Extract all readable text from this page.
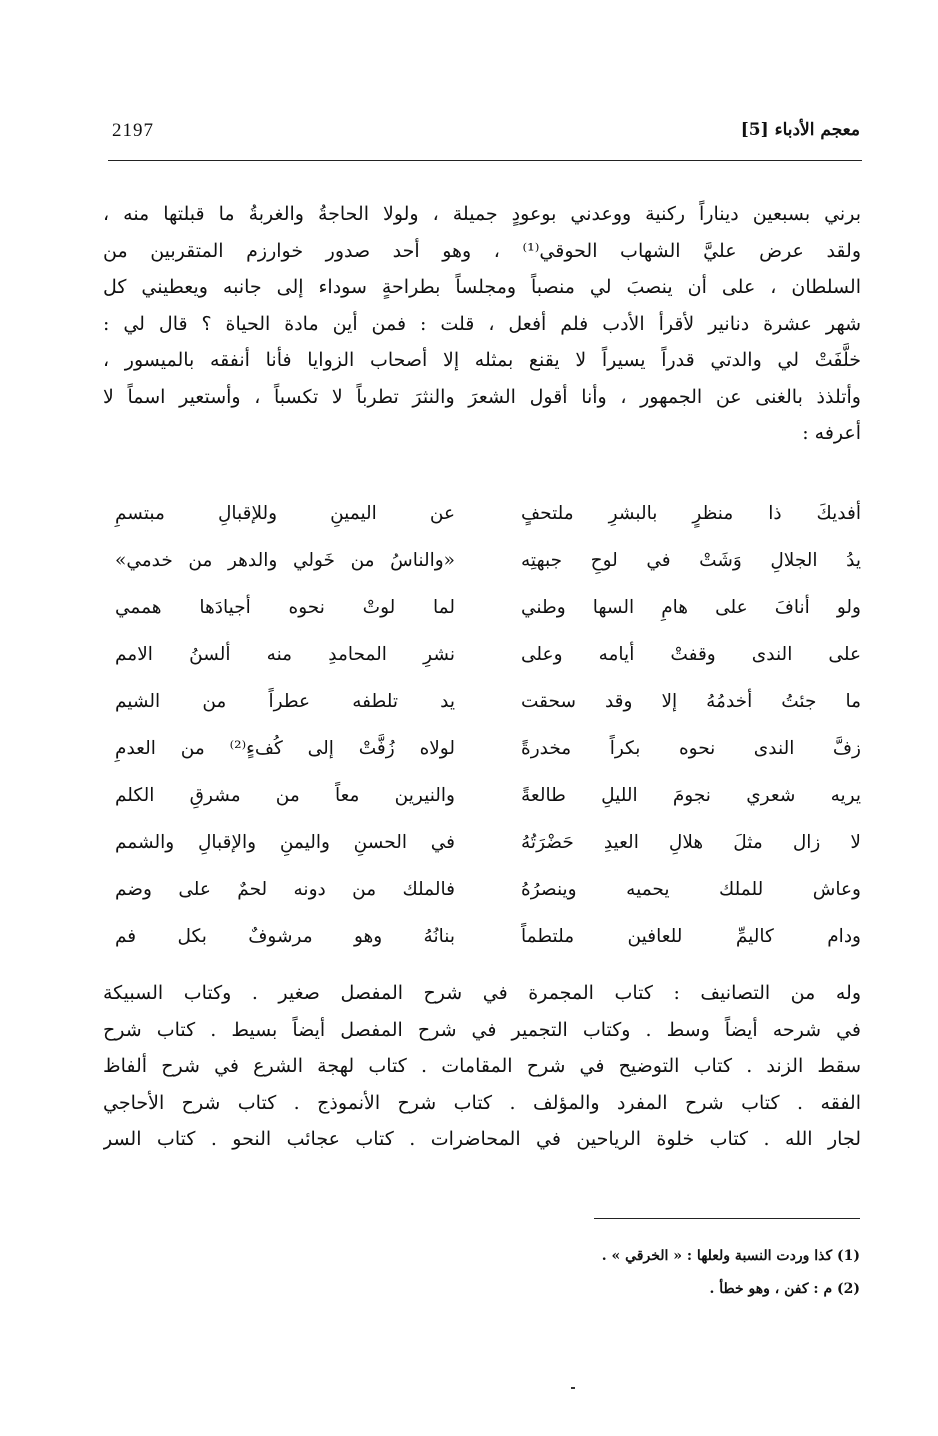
2197	معجم الأدباء [5]
برني بسبعين ديناراً ركنية ووعدني بوعودٍ جميلة ، ولولا الحاجةُ والغربةُ ما قبلتها منه ،
ولقد عرض عليَّ الشهاب الحوقي⁽¹⁾ ، وهو أحد صدور خوارزم المتقربين من
السلطان ، على أن ينصبَ لي منصباً ومجلساً بطراحةٍ سوداء إلى جانبه ويعطيني كل
شهر عشرة دنانير لأقرأ الأدب فلم أفعل ، قلت : فمن أين مادة الحياة ؟ قال لي :
خلَّفَتْ لي والدتي قدراً يسيراً لا يقنع بمثله إلا أصحاب الزوايا فأنا أنفقه بالميسور ،
وأتلذذ بالغنى عن الجمهور ، وأنا أقول الشعرَ والنثرَ تطرباً لا تكسباً ، وأستعير اسماً لا
أعرفه :
أفديكَ ذا منظرٍ بالبشرِ ملتحفٍ
عن اليمينِ وللإقبالِ مبتسمِ
يدُ الجلالِ وَشَتْ في لوحِ جبهتِه
«والناسُ من خَولي والدهر من خدمي»
ولو أنافَ على هامِ السها وطني
لما لوتْ نحوه أجيادَها هممي
على الندى وقفتْ أيامه وعلى
نشرِ المحامدِ منه ألسنُ الامم
ما جئتُ أخدمُهُ إلا وقد سحقت
يد تلطفه عطراً من الشيم
زفَّ الندى نحوه بكراً مخدرةً
لولاه زُفَّتْ إلى كُفءٍ⁽²⁾ من العدمِ
يريه شعري نجومَ الليلِ طالعةً
والنيرين معاً من مشرقِ الكلم
لا زال مثلَ هلالِ العيدِ حَضْرَتُهُ
في الحسنِ واليمنِ والإقبالِ والشمم
وعاش للملك يحميه وينصرُهُ
فالملك من دونه لحمٌ على وضم
ودام كاليمِّ للعافين ملتطماً
بنانُهُ وهو مرشوفٌ بكل فم
وله من التصانيف : كتاب المجمرة في شرح المفصل صغير . وكتاب السبيكة
في شرحه أيضاً وسط . وكتاب التجمير في شرح المفصل أيضاً بسيط . كتاب شرح
سقط الزند . كتاب التوضيح في شرح المقامات . كتاب لهجة الشرع في شرح ألفاظ
الفقه . كتاب شرح المفرد والمؤلف . كتاب شرح الأنموذج . كتاب شرح الأحاجي
لجار الله . كتاب خلوة الرياحين في المحاضرات . كتاب عجائب النحو . كتاب السر
(1) كذا وردت النسبة ولعلها : « الخرقي » .
(2) م : كفن ، وهو خطأ .
